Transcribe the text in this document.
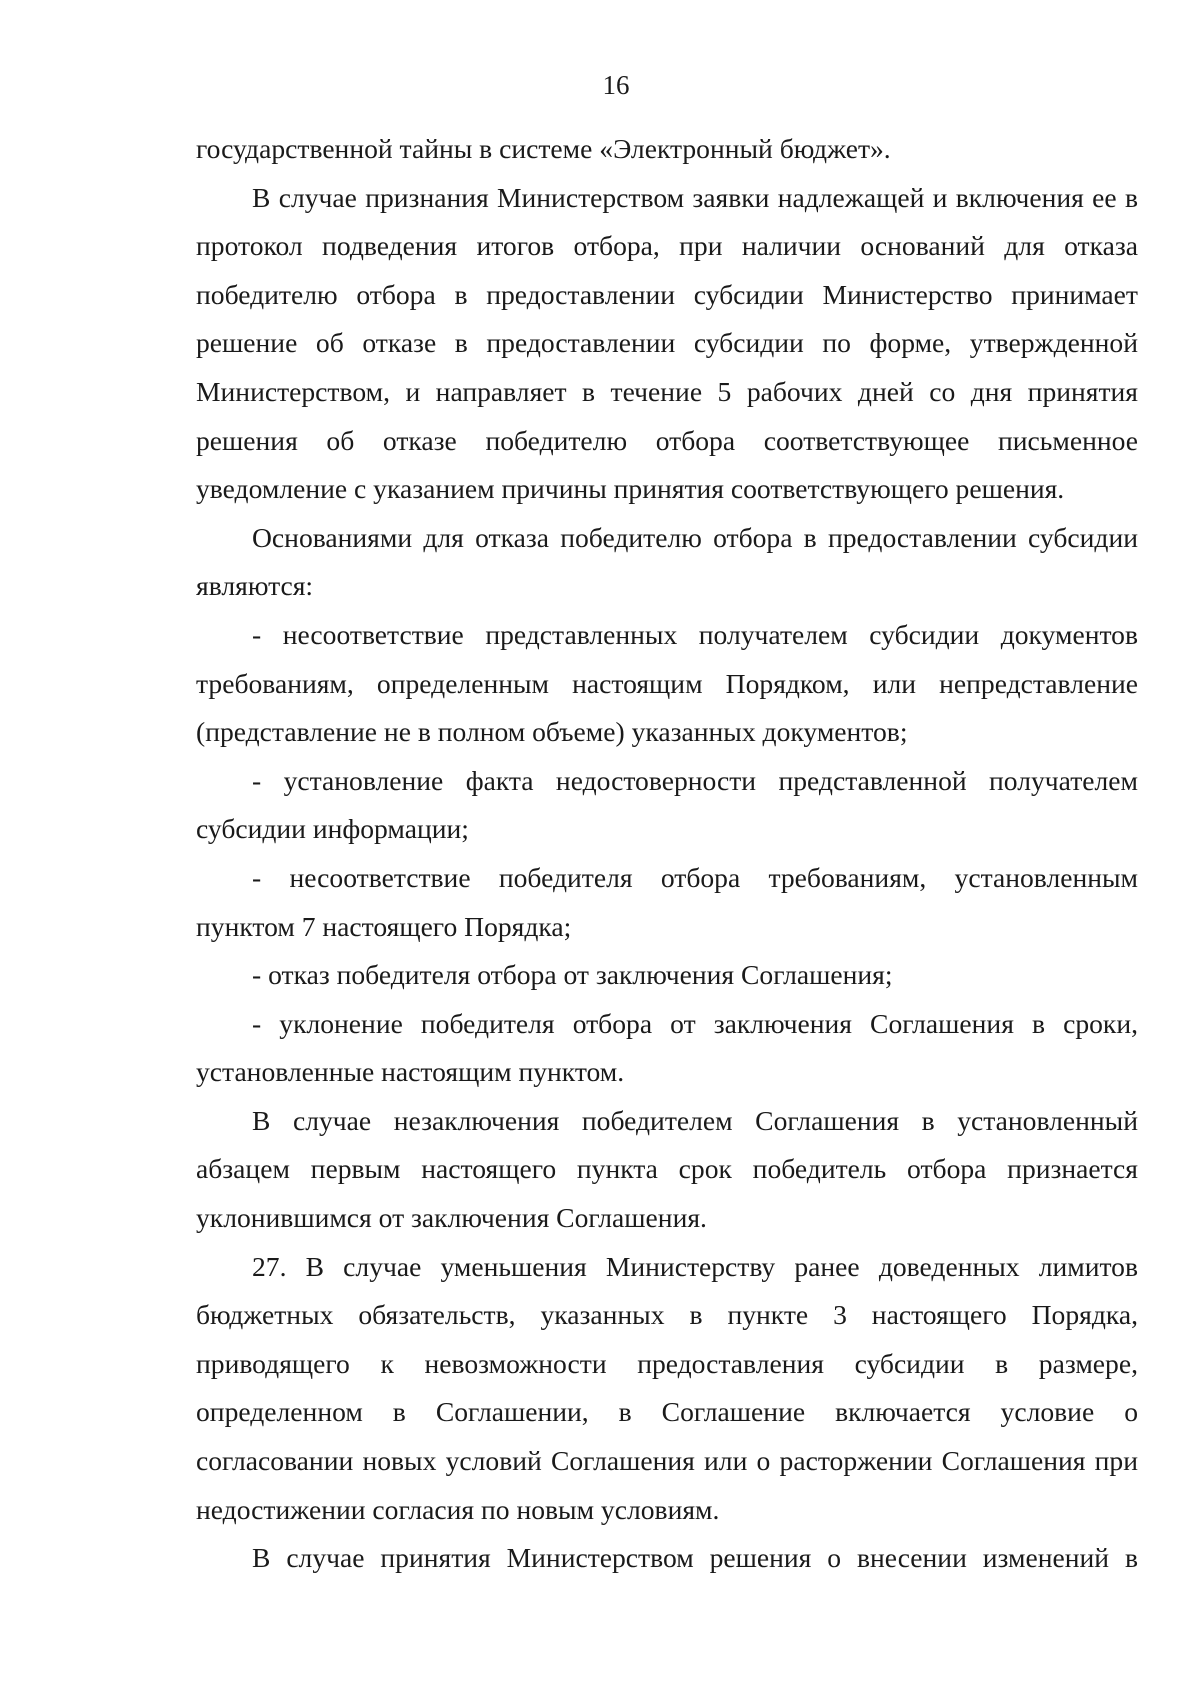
16

государственной тайны в системе «Электронный бюджет».

В случае признания Министерством заявки надлежащей и включения ее в

протокол подведения итогов отбора, при наличии оснований для отказа

победителю отбора в предоставлении субсидии Министерство принимает

решение об отказе в предоставлении субсидии по форме, утвержденной

Министерством, и направляет в течение 5 рабочих дней со дня принятия

решения об отказе победителю отбора соответствующее письменное

уведомление с указанием причины принятия соответствующего решения.

Основаниями для отказа победителю отбора в предоставлении субсидии

являются:

- несоответствие представленных получателем субсидии документов

требованиям, определенным настоящим Порядком, или непредставление

(представление не в полном объеме) указанных документов;

- установление факта недостоверности представленной получателем

субсидии информации;

- несоответствие победителя отбора требованиям, установленным

пунктом 7 настоящего Порядка;

- отказ победителя отбора от заключения Соглашения;

- уклонение победителя отбора от заключения Соглашения в сроки,

установленные настоящим пунктом.

В случае незаключения победителем Соглашения в установленный

абзацем первым настоящего пункта срок победитель отбора признается

уклонившимся от заключения Соглашения.

27. В случае уменьшения Министерству ранее доведенных лимитов

бюджетных обязательств, указанных в пункте 3 настоящего Порядка,

приводящего к невозможности предоставления субсидии в размере,

определенном в Соглашении, в Соглашение включается условие о

согласовании новых условий Соглашения или о расторжении Соглашения при

недостижении согласия по новым условиям.

В случае принятия Министерством решения о внесении изменений в
